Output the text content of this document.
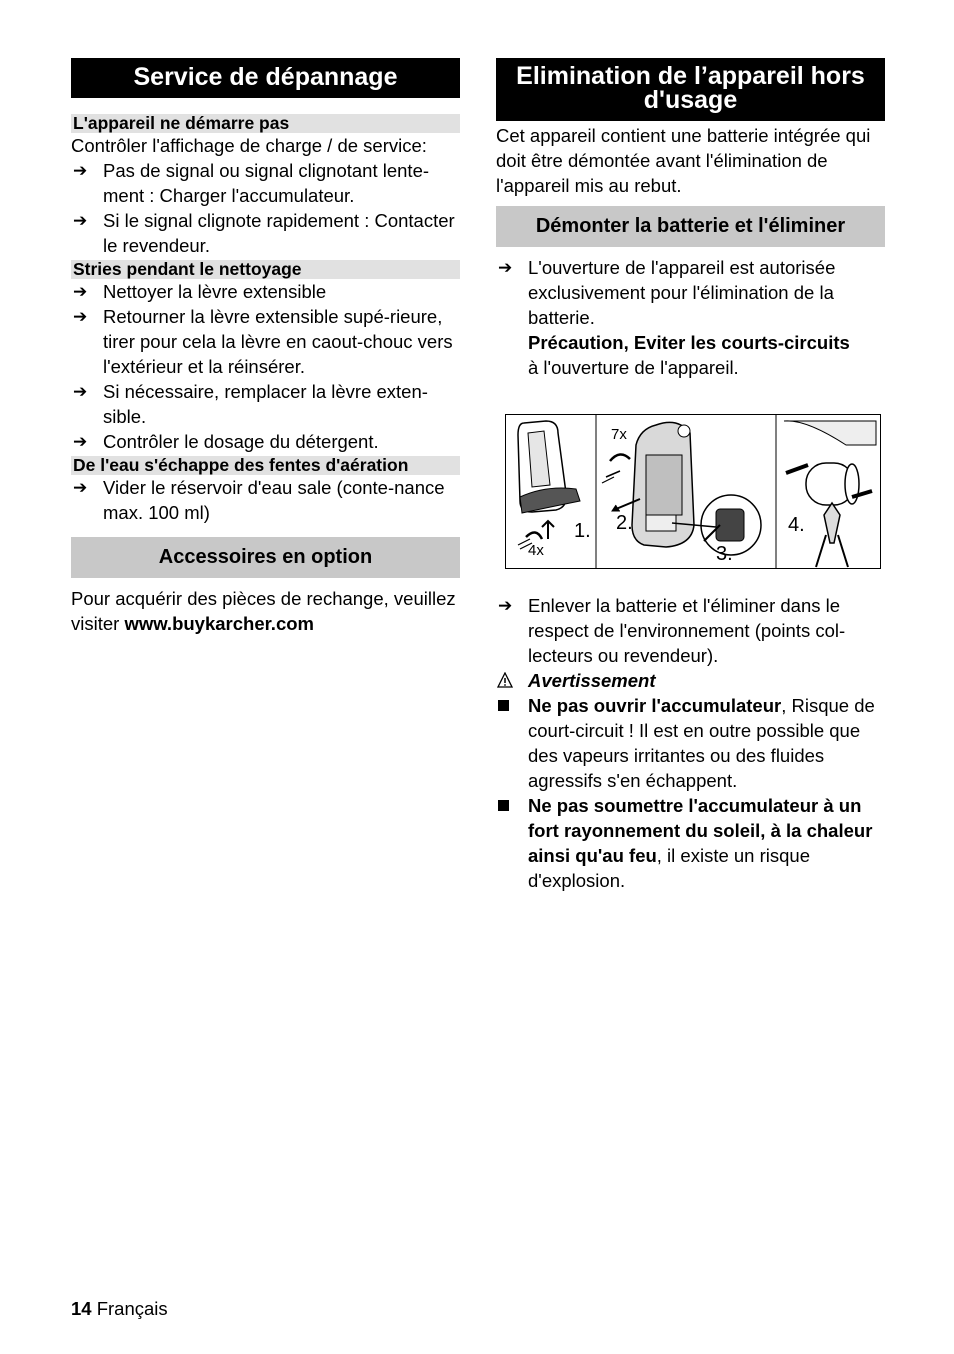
Service de dépannage
L'appareil ne démarre pas

Contrôler l'affichage de charge / de service:

➔ Pas de signal ou signal clignotant lente-ment : Charger l'accumulateur.
➔ Si le signal clignote rapidement : Contacter le revendeur.
Stries pendant le nettoyage
➔ Nettoyer la lèvre extensible
➔ Retourner la lèvre extensible supé-rieure, tirer pour cela la lèvre en caout-chouc vers l'extérieur et la réinsérer.
➔ Si nécessaire, remplacer la lèvre exten-sible.
➔ Contrôler le dosage du détergent.
De l'eau s'échappe des fentes d'aération
➔ Vider le réservoir d'eau sale (conte-nance max. 100 ml)
Accessoires en option

Pour acquérir des pièces de rechange, veuillez visiter www.buykarcher.com

Elimination de l’appareil hors d'usage

Cet appareil contient une batterie intégrée qui doit être démontée avant l'élimination de l'appareil mis au rebut.

Démonter la batterie et l'éliminer
➔ L'ouverture de l'appareil est autorisée exclusivement pour l'élimination de la batterie.
Précaution, Eviter les courts-circuits
à l'ouverture de l'appareil.
7x
4x
1. 2.
3.
4.
➔ Enlever la batterie et l'éliminer dans le respect de l'environnement (points col-lecteurs ou revendeur).
Avertissement
Ne pas ouvrir l'accumulateur, Risque de court-circuit ! Il est en outre possible que des vapeurs irritantes ou des fluides agressifs s'en échappent.
Ne pas soumettre l'accumulateur à un fort rayonnement du soleil, à la chaleur ainsi qu'au feu, il existe un risque d'explosion.
14 Français
